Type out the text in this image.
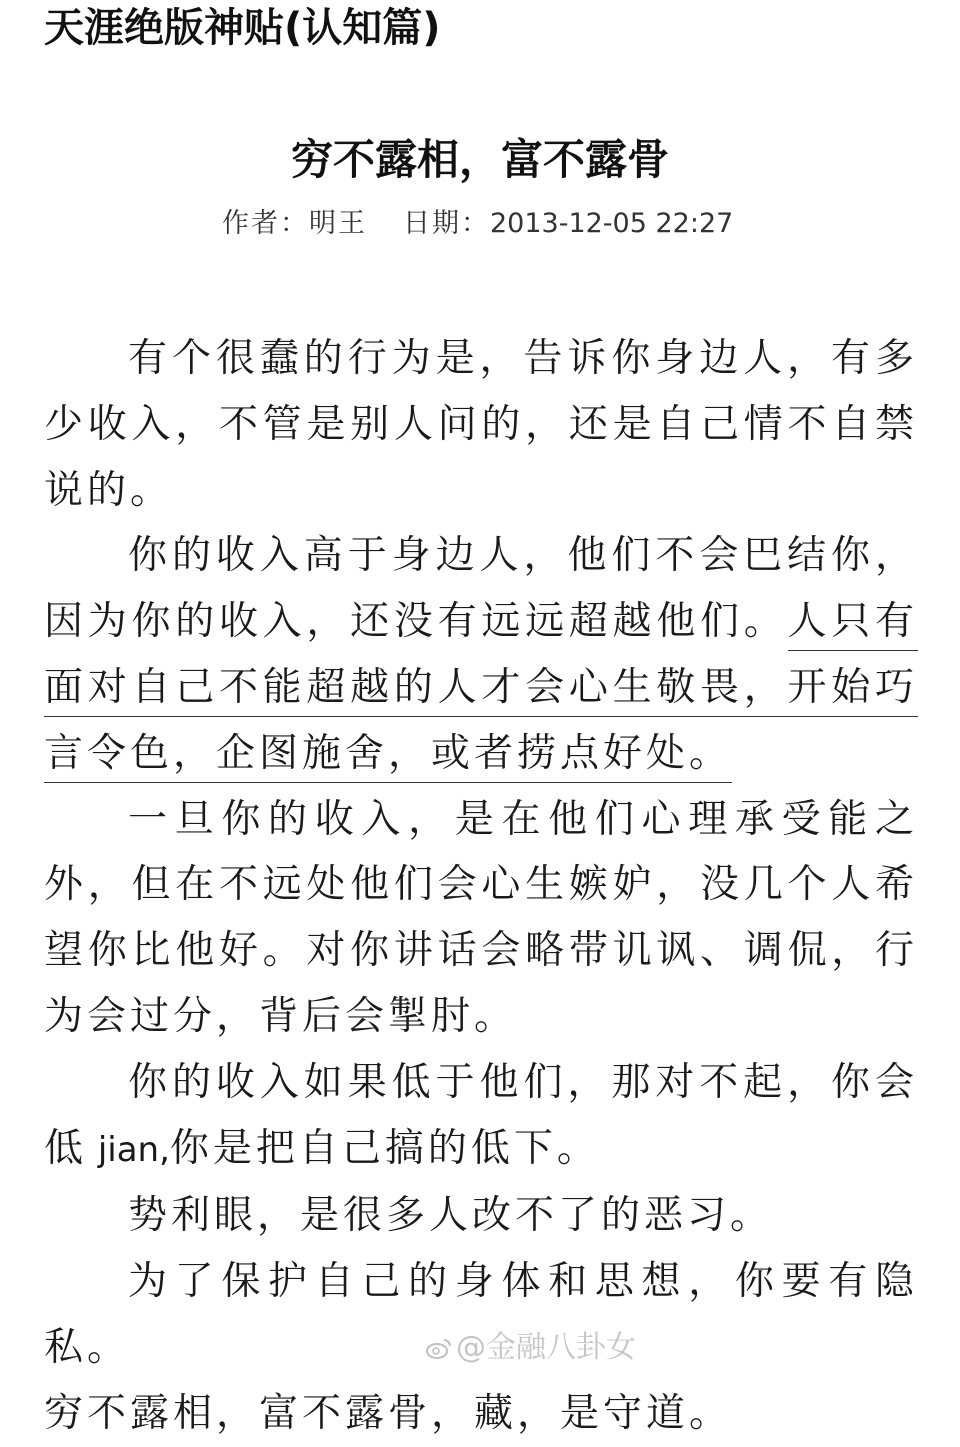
天涯绝版神贴(认知篇)
穷不露相，富不露骨
作者：明王 日期：2013-12-05 22:27

有个很蠢的行为是，告诉你身边人，有多少收入，不管是别人问的，还是自己情不自禁说的。

你的收入高于身边人，他们不会巴结你，因为你的收入，还没有远远超越他们。人只有面对自己不能超越的人才会心生敬畏，开始巧言令色，企图施舍，或者捞点好处。

一旦你的收入，是在他们心理承受能之外，但在不远处他们会心生嫉妒，没几个人希望你比他好。对你讲话会略带讥讽、调侃，行为会过分，背后会掣肘。

你的收入如果低于他们，那对不起，你会低 jian,你是把自己搞的低下。

势利眼，是很多人改不了的恶习。

为了保护自己的身体和思想，你要有隐私。

穷不露相，富不露骨，藏，是守道。
@金融八卦女
